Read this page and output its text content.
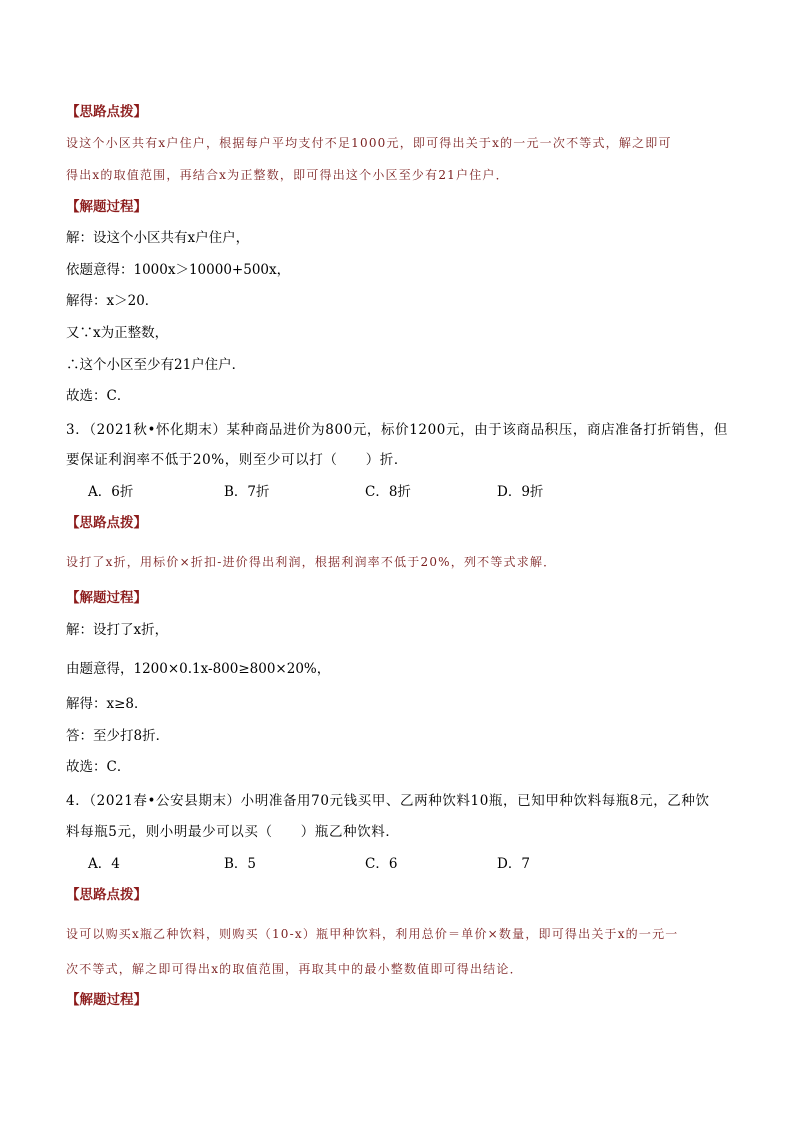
【思路点拨】
设这个小区共有x户住户，根据每户平均支付不足1000元，即可得出关于x的一元一次不等式，解之即可
得出x的取值范围，再结合x为正整数，即可得出这个小区至少有21户住户．
【解题过程】
解：设这个小区共有x户住户，
依题意得：1000x＞10000+500x，
解得：x＞20．
又∵x为正整数，
∴这个小区至少有21户住户．
故选：C．
3．（2021秋•怀化期末）某种商品进价为800元，标价1200元，由于该商品积压，商店准备打折销售，但
要保证利润率不低于20%，则至少可以打（　　）折．
A．6折	B．7折	C．8折	D．9折
【思路点拨】
设打了x折，用标价×折扣-进价得出利润，根据利润率不低于20%，列不等式求解．
【解题过程】
解：设打了x折，
由题意得，1200×0.1x-800≥800×20%，
解得：x≥8．
答：至少打8折．
故选：C．
4．（2021春•公安县期末）小明准备用70元钱买甲、乙两种饮料10瓶，已知甲种饮料每瓶8元，乙种饮
料每瓶5元，则小明最少可以买（　　）瓶乙种饮料．
A．4	B．5	C．6	D．7
【思路点拨】
设可以购买x瓶乙种饮料，则购买（10-x）瓶甲种饮料，利用总价＝单价×数量，即可得出关于x的一元一
次不等式，解之即可得出x的取值范围，再取其中的最小整数值即可得出结论．
【解题过程】
